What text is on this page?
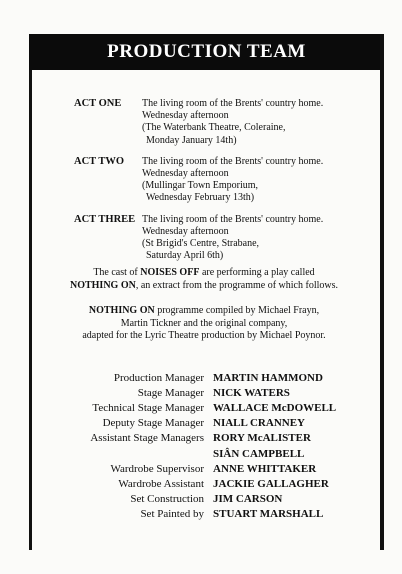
PRODUCTION TEAM
ACT ONE	The living room of the Brents' country home.
Wednesday afternoon
(The Waterbank Theatre, Coleraine,
Monday January 14th)
ACT TWO	The living room of the Brents' country home.
Wednesday afternoon
(Mullingar Town Emporium,
Wednesday February 13th)
ACT THREE The living room of the Brents' country home.
Wednesday afternoon
(St Brigid's Centre, Strabane,
Saturday April 6th)
The cast of NOISES OFF are performing a play called
NOTHING ON, an extract from the programme of which follows.
NOTHING ON programme compiled by Michael Frayn,
Martin Tickner and the original company,
adapted for the Lyric Theatre production by Michael Poynor.
Production Manager MARTIN HAMMOND
Stage Manager NICK WATERS
Technical Stage Manager WALLACE McDOWELL
Deputy Stage Manager NIALL CRANNEY
Assistant Stage Managers RORY McALISTER
SIÂN CAMPBELL
Wardrobe Supervisor ANNE WHITTAKER
Wardrobe Assistant JACKIE GALLAGHER
Set Construction JIM CARSON
Set Painted by STUART MARSHALL
